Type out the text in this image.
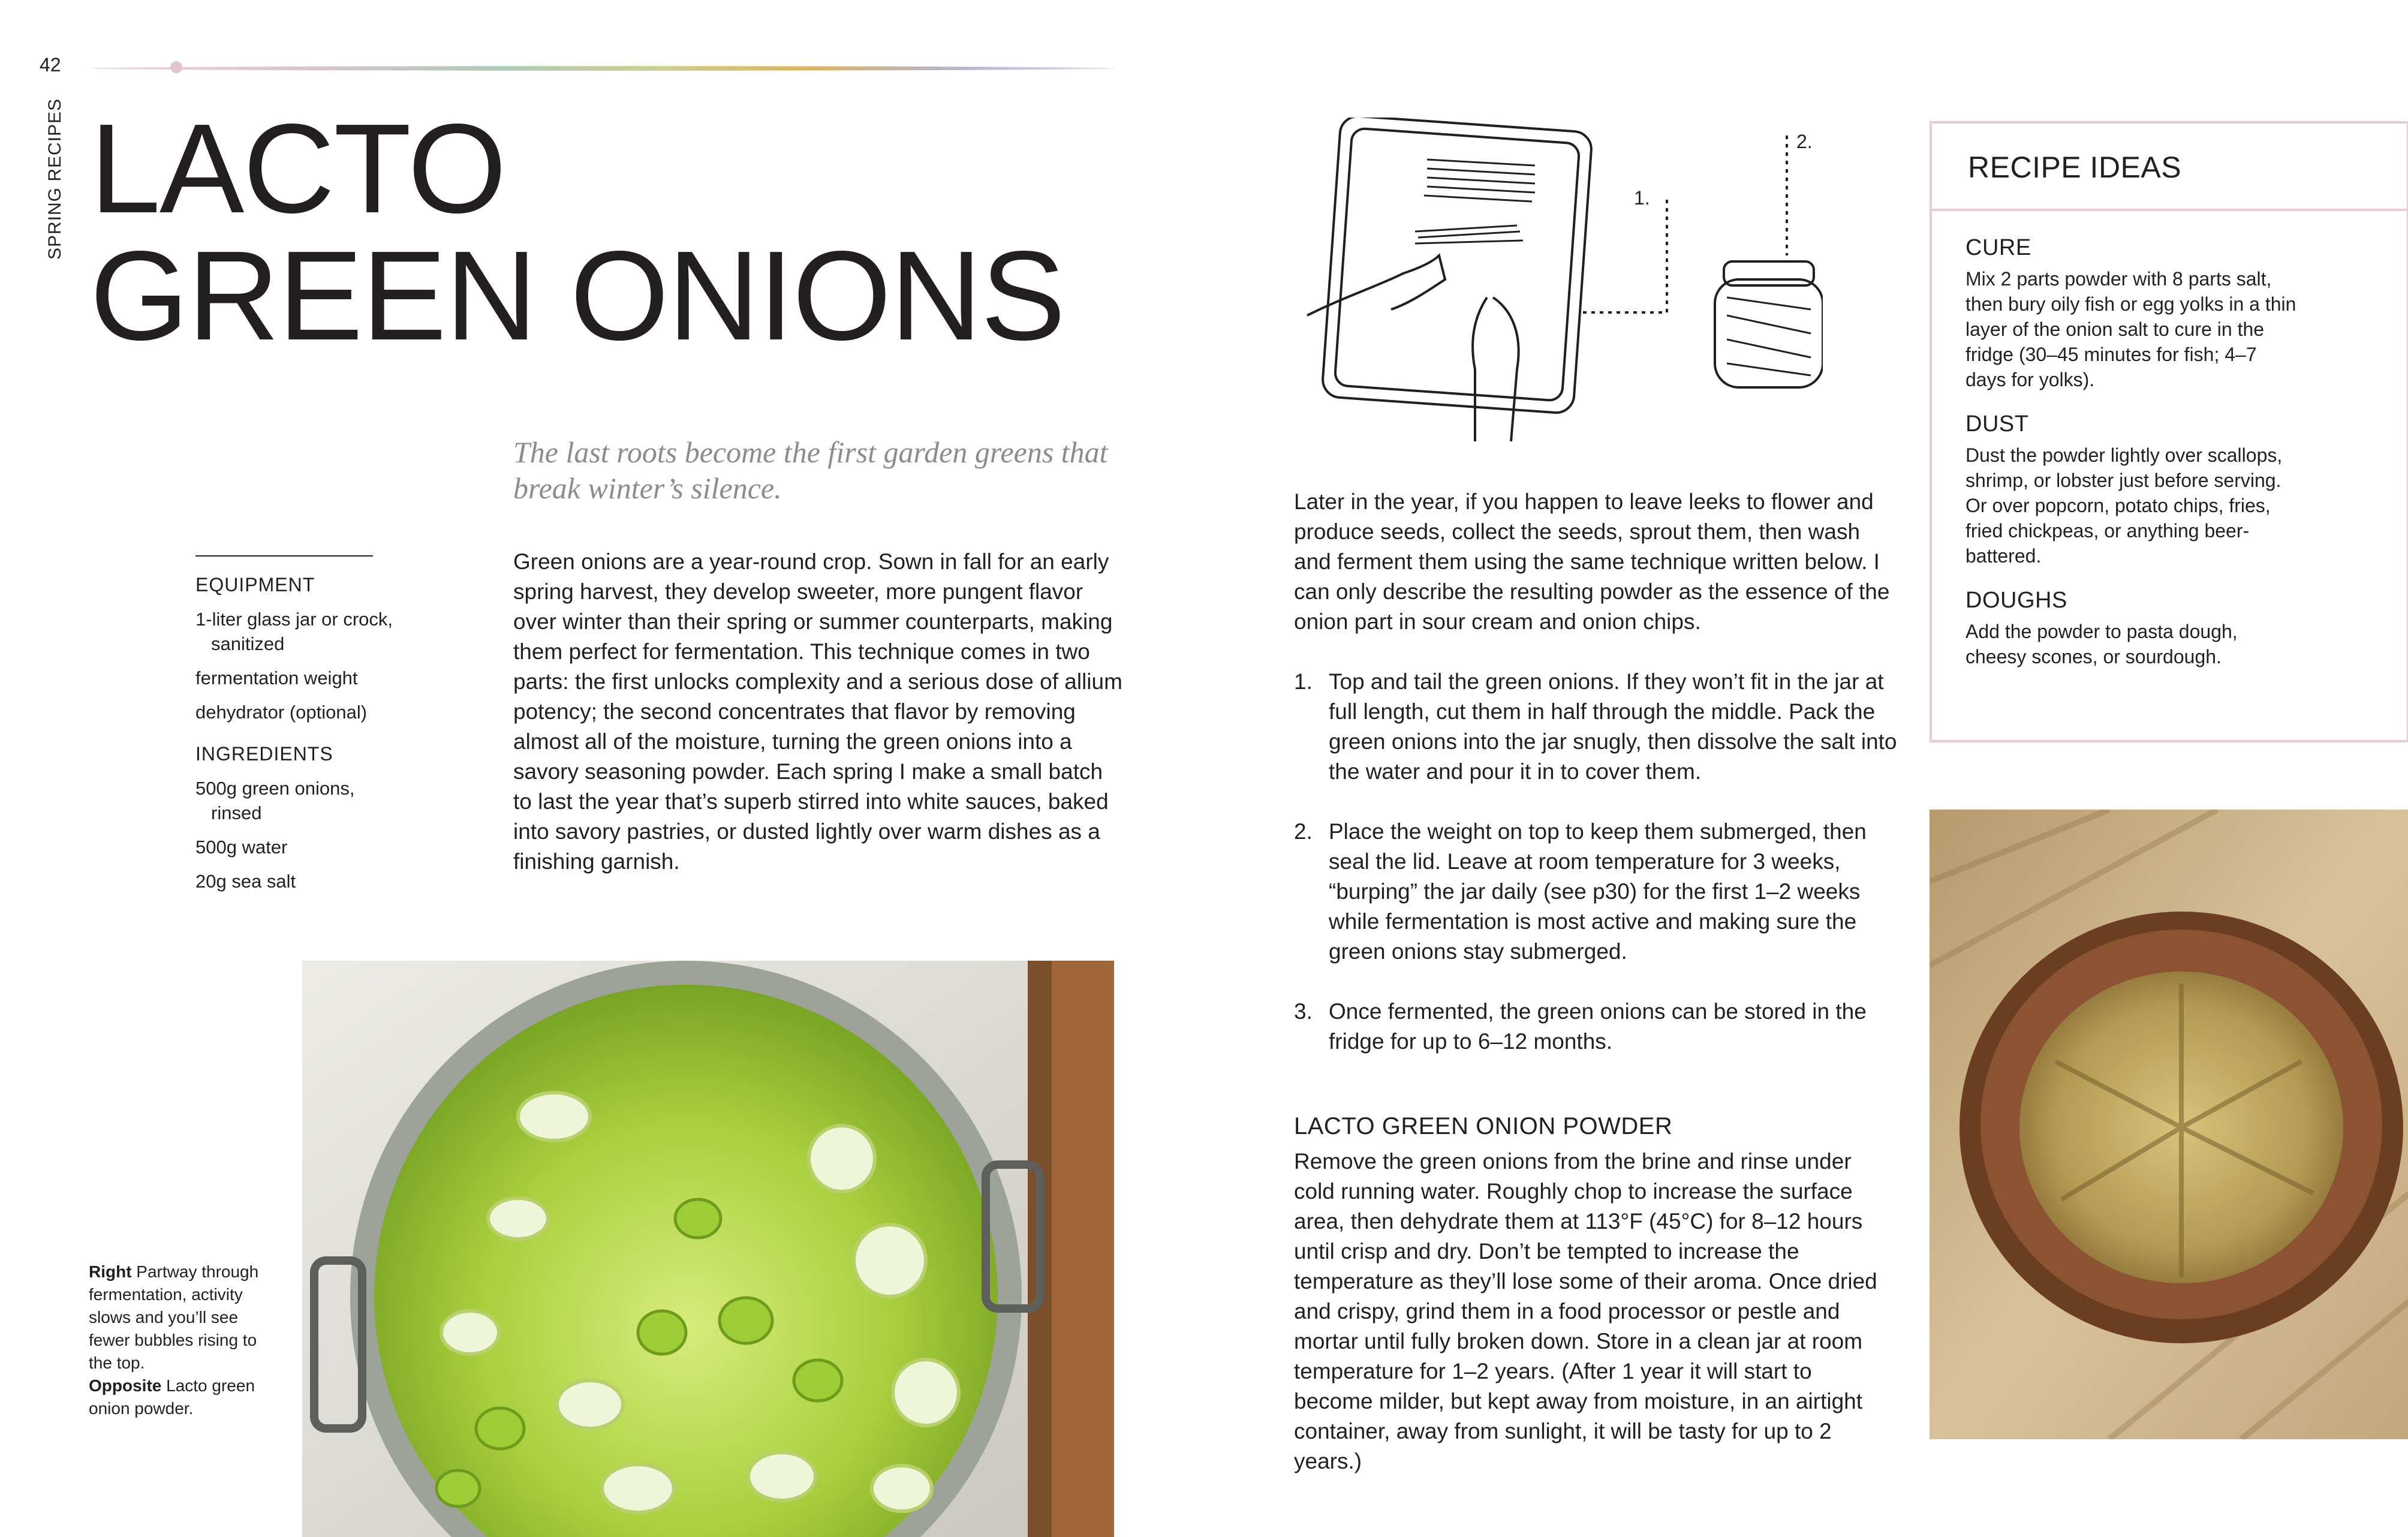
42
SPRING RECIPES LACTO
GREEN ONIONS
The last roots become the first garden greens that break winter’s silence.
EQUIPMENT

1-liter glass jar or crock, sanitized

fermentation weight

dehydrator (optional)

INGREDIENTS

500g green onions, rinsed

500g water

20g sea salt

Green onions are a year-round crop. Sown in fall for an early spring harvest, they develop sweeter, more pungent flavor over winter than their spring or summer counterparts, making them perfect for fermentation. This technique comes in two parts: the first unlocks complexity and a serious dose of allium potency; the second concentrates that flavor by removing almost all of the moisture, turning the green onions into a savory seasoning powder. Each spring I make a small batch to last the year that’s superb stirred into white sauces, baked into savory pastries, or dusted lightly over warm dishes as a finishing garnish.

Right Partway through fermentation, activity slows and you’ll see fewer bubbles rising to the top.
Opposite Lacto green onion powder.
1.
2.

Later in the year, if you happen to leave leeks to flower and produce seeds, collect the seeds, sprout them, then wash and ferment them using the same technique written below. I can only describe the resulting powder as the essence of the onion part in sour cream and onion chips.

1. Top and tail the green onions. If they won’t fit in the jar at full length, cut them in half through the middle. Pack the green onions into the jar snugly, then dissolve the salt into the water and pour it in to cover them.
2. Place the weight on top to keep them submerged, then seal the lid. Leave at room temperature for 3 weeks, “burping” the jar daily (see p30) for the first 1–2 weeks while fermentation is most active and making sure the green onions stay submerged.
3. Once fermented, the green onions can be stored in the fridge for up to 6–12 months.
LACTO GREEN ONION POWDER

Remove the green onions from the brine and rinse under cold running water. Roughly chop to increase the surface area, then dehydrate them at 113°F (45°C) for 8–12 hours until crisp and dry. Don’t be tempted to increase the temperature as they’ll lose some of their aroma. Once dried and crispy, grind them in a food processor or pestle and mortar until fully broken down. Store in a clean jar at room temperature for 1–2 years. (After 1 year it will start to become milder, but kept away from moisture, in an airtight container, away from sunlight, it will be tasty for up to 2 years.)

RECIPE IDEAS
CURE

Mix 2 parts powder with 8 parts salt, then bury oily fish or egg yolks in a thin layer of the onion salt to cure in the fridge (30–45 minutes for fish; 4–7 days for yolks).

DUST

Dust the powder lightly over scallops, shrimp, or lobster just before serving. Or over popcorn, potato chips, fries, fried chickpeas, or anything beer-battered.

DOUGHS

Add the powder to pasta dough, cheesy scones, or sourdough.
